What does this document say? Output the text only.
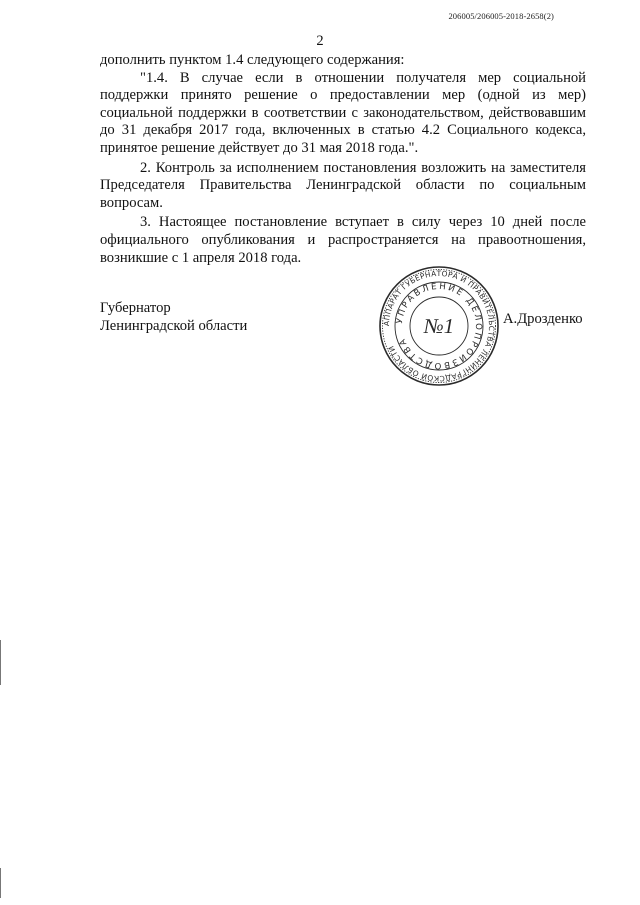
206005/206005-2018-2658(2)
2

дополнить пунктом 1.4 следующего содержания:

"1.4. В случае если в отношении получателя мер социальной поддержки принято решение о предоставлении мер (одной из мер) социальной поддержки в соответствии с законодательством, действовавшим до 31 декабря 2017 года, включенных в статью 4.2 Социального кодекса, принятое решение действует до 31 мая 2018 года.".

2. Контроль за исполнением постановления возложить на заместителя Председателя Правительства Ленинградской области по социальным вопросам.

3. Настоящее постановление вступает в силу через 10 дней после официального опубликования и распространяется на правоотношения, возникшие с 1 апреля 2018 года.

Губернатор
Ленинградской области	АППАРАТ ГУБЕРНАТОРА И ПРАВИТЕЛЬСТВА ЛЕНИНГРАДСКОЙ ОБЛАСТИ
УПРАВЛЕНИЕ ДЕЛОПРОИЗВОДСТВА
№1	А.Дрозденко
